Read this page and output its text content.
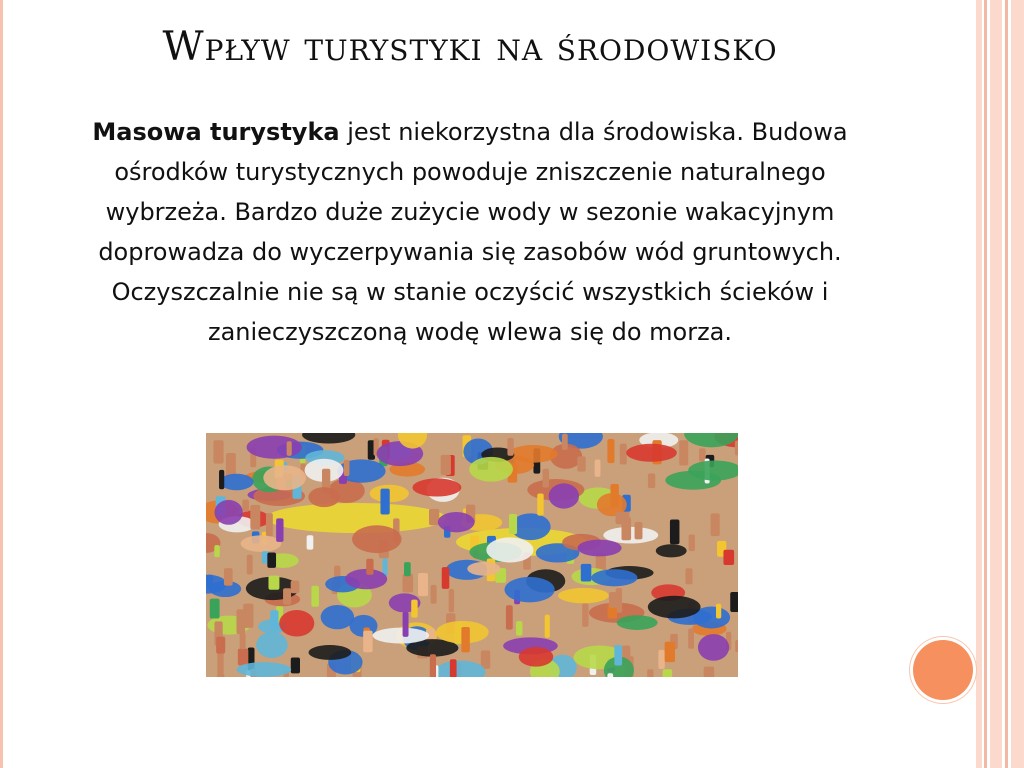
Wpływ turystyki na środowisko
Masowa turystyka jest niekorzystna dla środowiska. Budowa ośrodków turystycznych powoduje zniszczenie naturalnego wybrzeża. Bardzo duże zużycie wody w sezonie wakacyjnym doprowadza do wyczerpywania się zasobów wód gruntowych. Oczyszczalnie nie są w stanie oczyścić wszystkich ścieków i zanieczyszczoną wodę wlewa się do morza.
